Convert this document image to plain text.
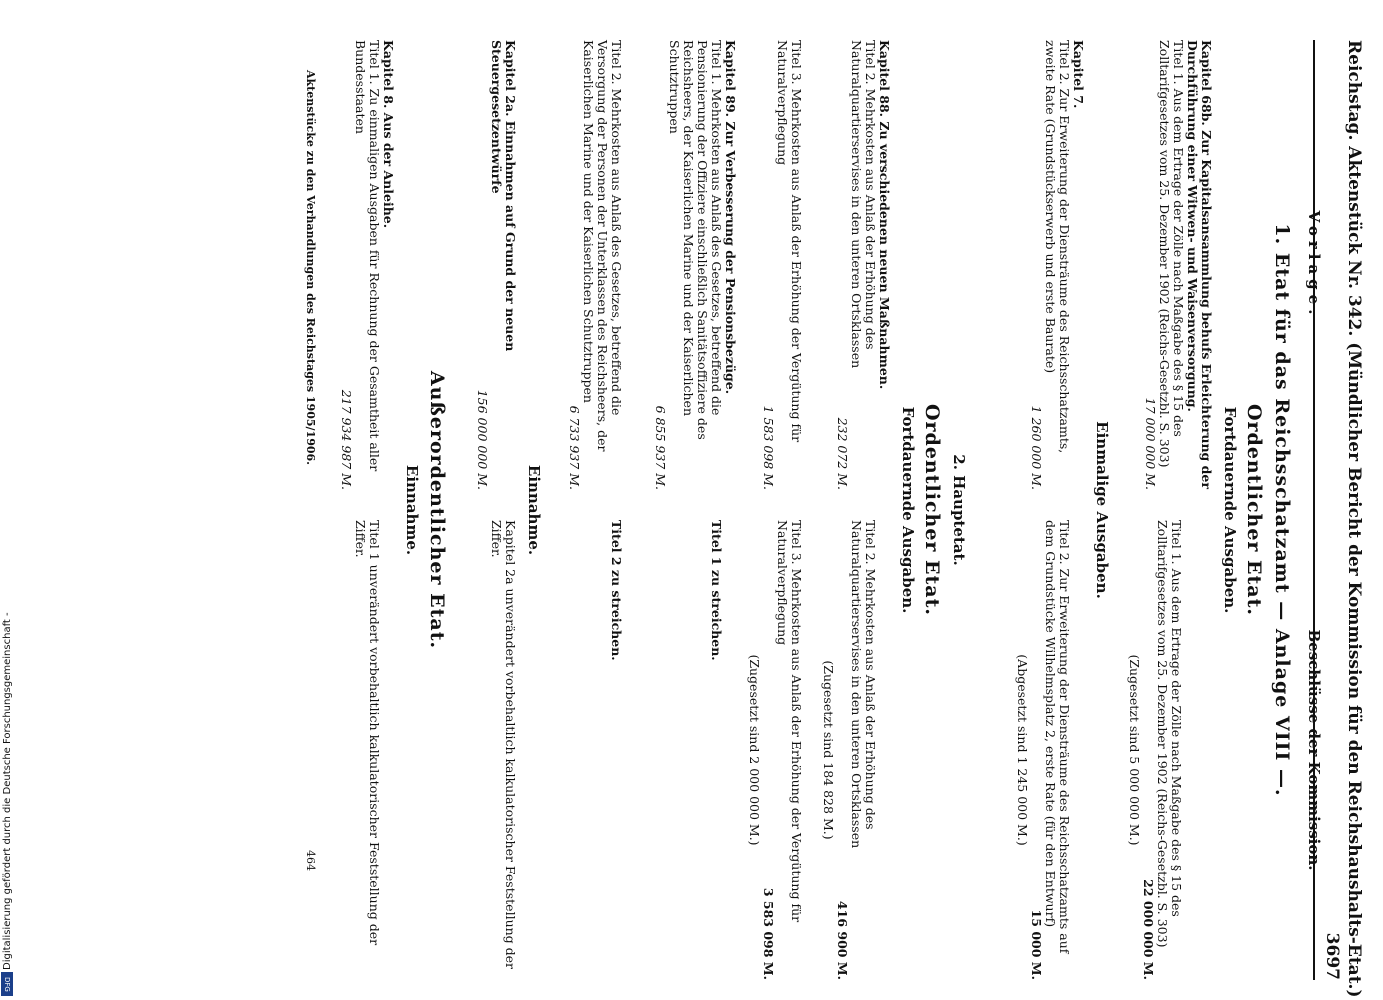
Reichstag. Aktenstück Nr. 342. (Mündlicher Bericht der Kommission für den Reichshaushalts-Etat.)
3697
Vorlage.
Beschlüsse der Kommission.
1. Etat für das Reichsschatzamt — Anlage VIII —.
Ordentlicher Etat.
Fortdauernde Ausgaben.
Kapitel 68b. Zur Kapitalsansammlung behufs Erleichterung der Durchführung einer Witwen- und Waisenversorgung.
Titel 1. Aus dem Ertrage der Zölle nach Maßgabe des § 15 des Zolltarifgesetzes vom 25. Dezember 1902 (Reichs-Gesetzbl. S. 303)
17 000 000 M.
Titel 1. Aus dem Ertrage der Zölle nach Maßgabe des § 15 des Zolltarifgesetzes vom 25. Dezember 1902 (Reichs-Gesetzbl. S. 303)
22 000 000 M.
(Zugesetzt sind 5 000 000 M.)
Einmalige Ausgaben.
Kapitel 7.
Titel 2. Zur Erweiterung der Diensträume des Reichsschatzamts, zweite Rate (Grundstückserwerb und erste Baurate)
1 260 000 M.
Titel 2. Zur Erweiterung der Diensträume des Reichsschatzamts auf dem Grundstücke Wilhelmsplatz 2, erste Rate (für den Entwurf)
15 000 M.
(Abgesetzt sind 1 245 000 M.)
2. Hauptetat.
Ordentlicher Etat.
Fortdauernde Ausgaben.
Kapitel 88. Zu verschiedenen neuen Maßnahmen.
Titel 2. Mehrkosten aus Anlaß der Erhöhung des Naturalquartierservises in den unteren Ortsklassen
232 072 M.
Titel 2. Mehrkosten aus Anlaß der Erhöhung des Naturalquartierservises in den unteren Ortsklassen
416 900 M.
(Zugesetzt sind 184 828 M.)
Titel 3. Mehrkosten aus Anlaß der Erhöhung der Vergütung für Naturalverpflegung
1 583 098 M.
Titel 3. Mehrkosten aus Anlaß der Erhöhung der Vergütung für Naturalverpflegung
3 583 098 M.
(Zugesetzt sind 2 000 000 M.)
Kapitel 89. Zur Verbesserung der Pensionsbezüge.
Titel 1. Mehrkosten aus Anlaß des Gesetzes, betreffend die Pensionierung der Offiziere einschließlich Sanitätsoffiziere des Reichsheers, der Kaiserlichen Marine und der Kaiserlichen Schutztruppen
6 855 937 M.
Titel 1 zu streichen.
Titel 2. Mehrkosten aus Anlaß des Gesetzes, betreffend die Versorgung der Personen der Unterklassen des Reichsheers, der Kaiserlichen Marine und der Kaiserlichen Schutztruppen
6 733 937 M.
Titel 2 zu streichen.
Einnahme.
Kapitel 2a. Einnahmen auf Grund der neuen Steuergesetzentwürfe
156 000 000 M.
Kapitel 2a unverändert vorbehaltlich kalkulatorischer Feststellung der Ziffer.
Außerordentlicher Etat.
Einnahme.
Kapitel 8. Aus der Anleihe.
Titel 1. Zu einmaligen Ausgaben für Rechnung der Gesamtheit aller Bundesstaaten
217 934 987 M.
Titel 1 unverändert vorbehaltlich kalkulatorischer Feststellung der Ziffer.
Aktenstücke zu den Verhandlungen des Reichstages 1905/1906.
464
Digitalisierung gefördert durch die Deutsche Forschungsgemeinschaft -
DFG
